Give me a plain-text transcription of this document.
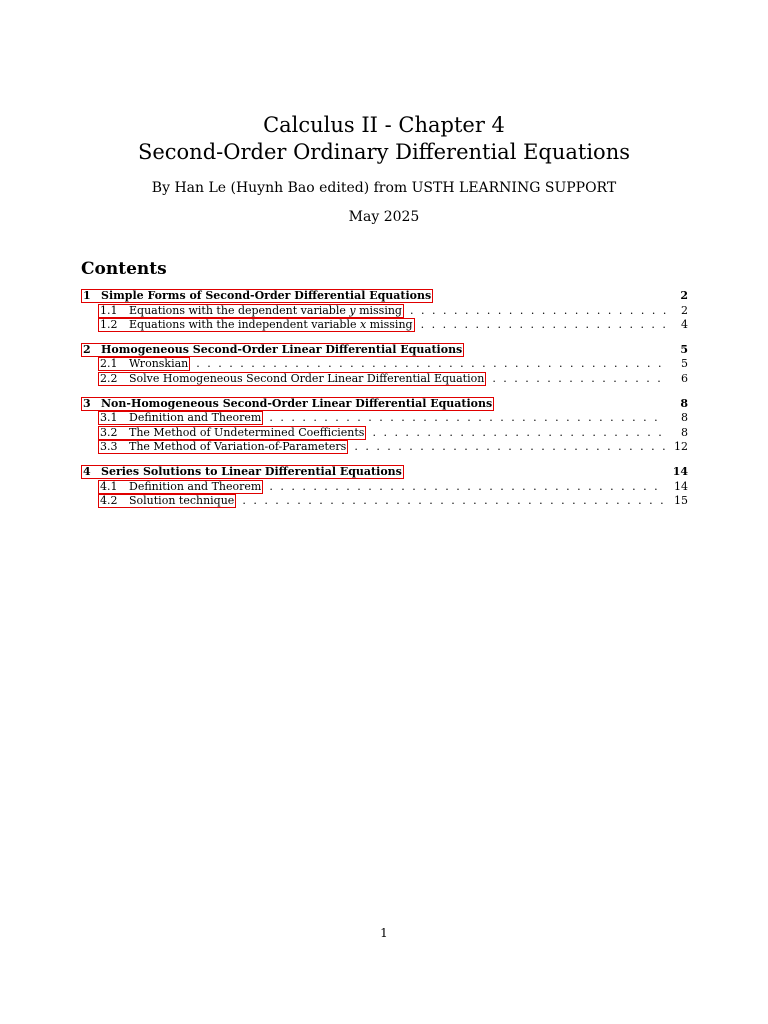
Calculus II - Chapter 4
Second-Order Ordinary Differential Equations
By Han Le (Huynh Bao edited) from USTH LEARNING SUPPORT
May 2025
Contents
1 Simple Forms of Second-Order Differential Equations	2
1.1	Equations with the dependent variable y missing . . .	2
1.2	Equations with the independent variable x missing . . .	4
2 Homogeneous Second-Order Linear Differential Equations	5
2.1	Wronskian . . .	5
2.2	Solve Homogeneous Second Order Linear Differential Equation . . .	6
3 Non-Homogeneous Second-Order Linear Differential Equations	8
3.1	Definition and Theorem . . .	8
3.2	The Method of Undetermined Coefficients . . .	8
3.3	The Method of Variation-of-Parameters . . .	12
4 Series Solutions to Linear Differential Equations	14
4.1	Definition and Theorem . . .	14
4.2	Solution technique . . .	15
1
